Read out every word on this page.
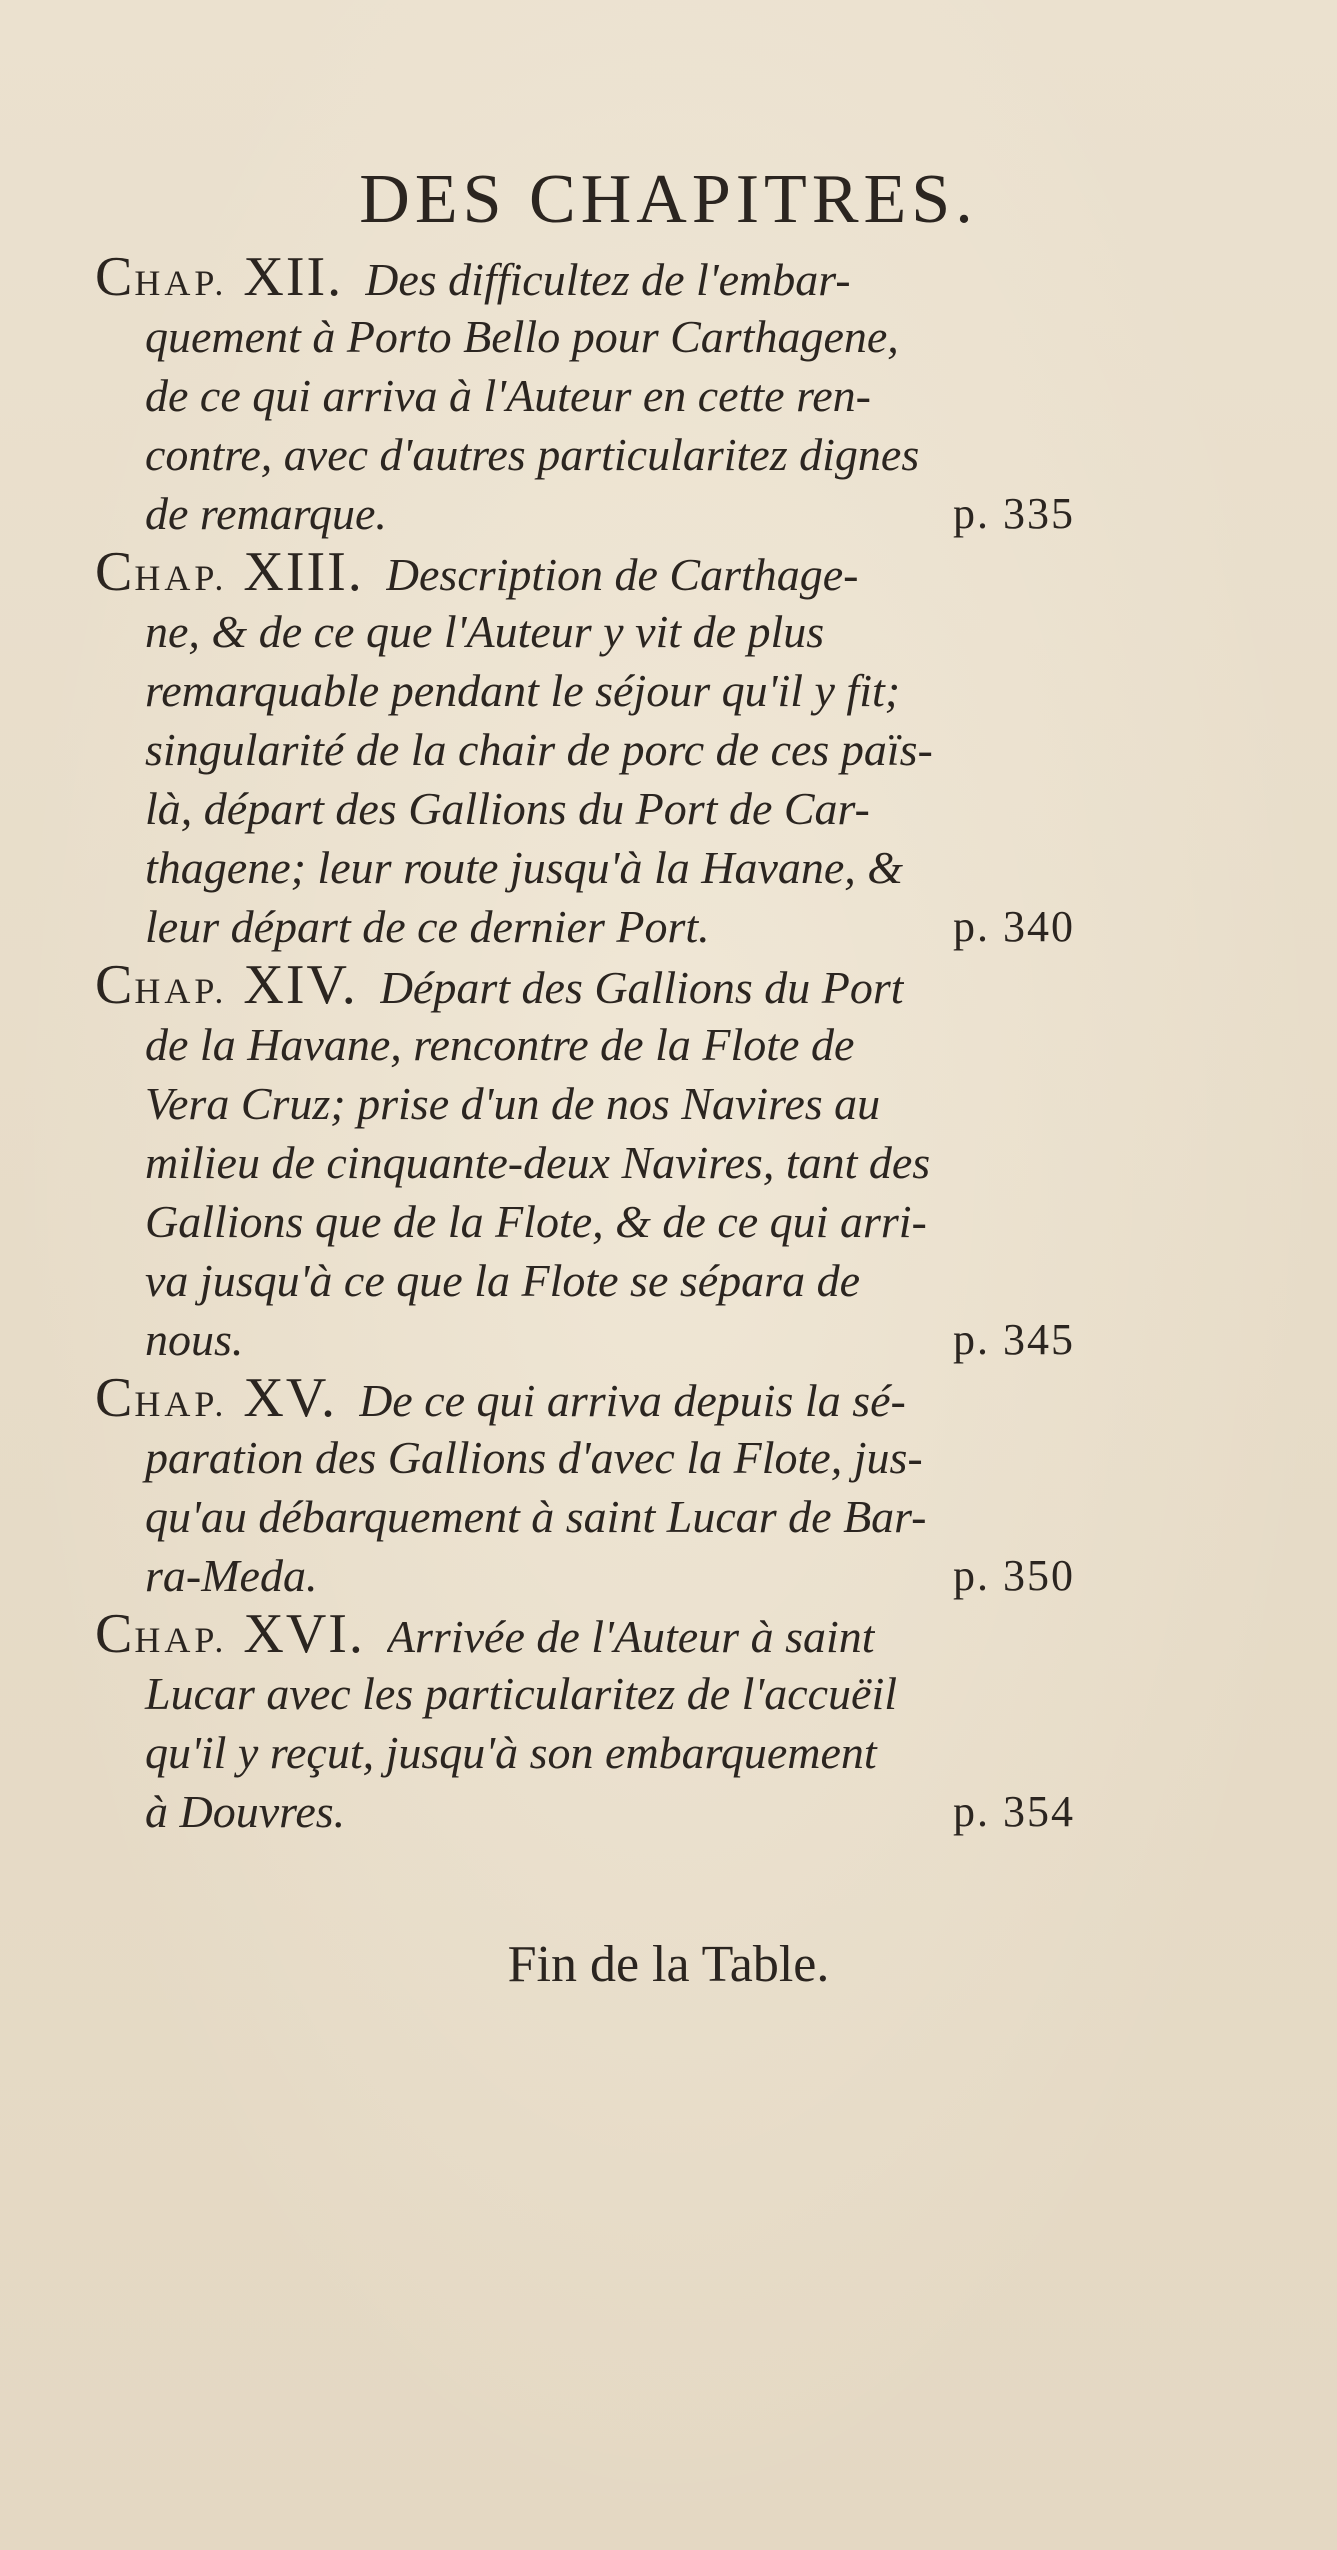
DES CHAPITRES.
CHAP. XII. Des difficultez de l'embar-
quement à Porto Bello pour Carthagene,
de ce qui arriva à l'Auteur en cette ren-
contre, avec d'autres particularitez dignes
de remarque.	p. 335
CHAP. XIII. Description de Carthage-
ne, & de ce que l'Auteur y vit de plus
remarquable pendant le séjour qu'il y fit;
singularité de la chair de porc de ces païs-
là, départ des Gallions du Port de Car-
thagene; leur route jusqu'à la Havane, &
leur départ de ce dernier Port.	p. 340
CHAP. XIV. Départ des Gallions du Port
de la Havane, rencontre de la Flote de
Vera Cruz; prise d'un de nos Navires au
milieu de cinquante-deux Navires, tant des
Gallions que de la Flote, & de ce qui arri-
va jusqu'à ce que la Flote se sépara de
nous.	p. 345
CHAP. XV. De ce qui arriva depuis la sé-
paration des Gallions d'avec la Flote, jus-
qu'au débarquement à saint Lucar de Bar-
ra-Meda.	p. 350
CHAP. XVI. Arrivée de l'Auteur à saint
Lucar avec les particularitez de l'accuëil
qu'il y reçut, jusqu'à son embarquement
à Douvres.	p. 354
Fin de la Table.
